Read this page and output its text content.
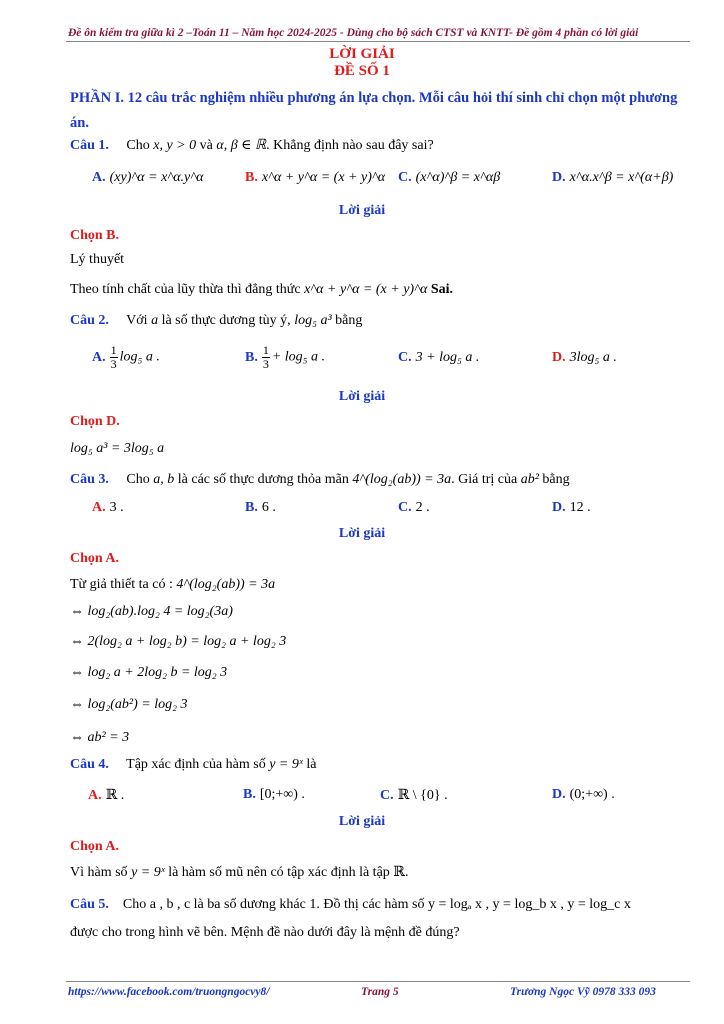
Đề ôn kiểm tra giữa kì 2 –Toán 11 – Năm học 2024-2025 - Dùng cho bộ sách CTST và KNTT- Đề gồm 4 phần có lời giải
LỜI GIẢI
ĐỀ SỐ 1
PHẦN I. 12 câu trắc nghiệm nhiều phương án lựa chọn. Mỗi câu hỏi thí sinh chỉ chọn một phương án.
Câu 1. Cho x, y > 0 và α, β ∈ ℝ. Khẳng định nào sau đây sai?
A. (xy)^α = x^α.y^α	B. x^α + y^α = (x + y)^α C. (x^α)^β = x^αβ	D. x^α.x^β = x^(α+β)
Lời giải
Chọn B.
Lý thuyết
Theo tính chất của lũy thừa thì đẳng thức x^α + y^α = (x + y)^α Sai.
Câu 2. Với a là số thực dương tùy ý, log₅ a³ bằng
A. $\frac{1}{3} \log_5$ a .	B. $\frac{1}{3} + \log_5$ a .	C. 3 + log₅ a .	D. 3log₅ a .
Lời giải
Chọn D.
log₅ a³ = 3log₅ a
Câu 3. Cho a, b là các số thực dương thỏa mãn 4^(log₂(ab)) = 3a. Giá trị của ab² bằng
A. 3 .	B. 6 .	C. 2 .	D. 12 .
Lời giải
Chọn A.
Từ giả thiết ta có : 4^(log₂(ab)) = 3a
⇔ log₂(ab).log₂ 4 = log₂(3a)
⇔ 2(log₂ a + log₂ b) = log₂ a + log₂ 3
⇔ log₂ a + 2log₂ b = log₂ 3
⇔ log₂(ab²) = log₂ 3
⇔ ab² = 3
Câu 4. Tập xác định của hàm số y = 9ˣ là
A. ℝ .	B. [0;+∞) .	C. ℝ \ {0} .	D. (0;+∞) .
Lời giải
Chọn A.
Vì hàm số y = 9ˣ là hàm số mũ nên có tập xác định là tập ℝ.
Câu 5. Cho a , b , c là ba số dương khác 1. Đồ thị các hàm số y = logₐ x , y = log_b x , y = log_c x
được cho trong hình vẽ bên. Mệnh đề nào dưới đây là mệnh đề đúng?
https://www.facebook.com/truongngocvy8/	Trang 5	Trương Ngọc Vỹ 0978 333 093
